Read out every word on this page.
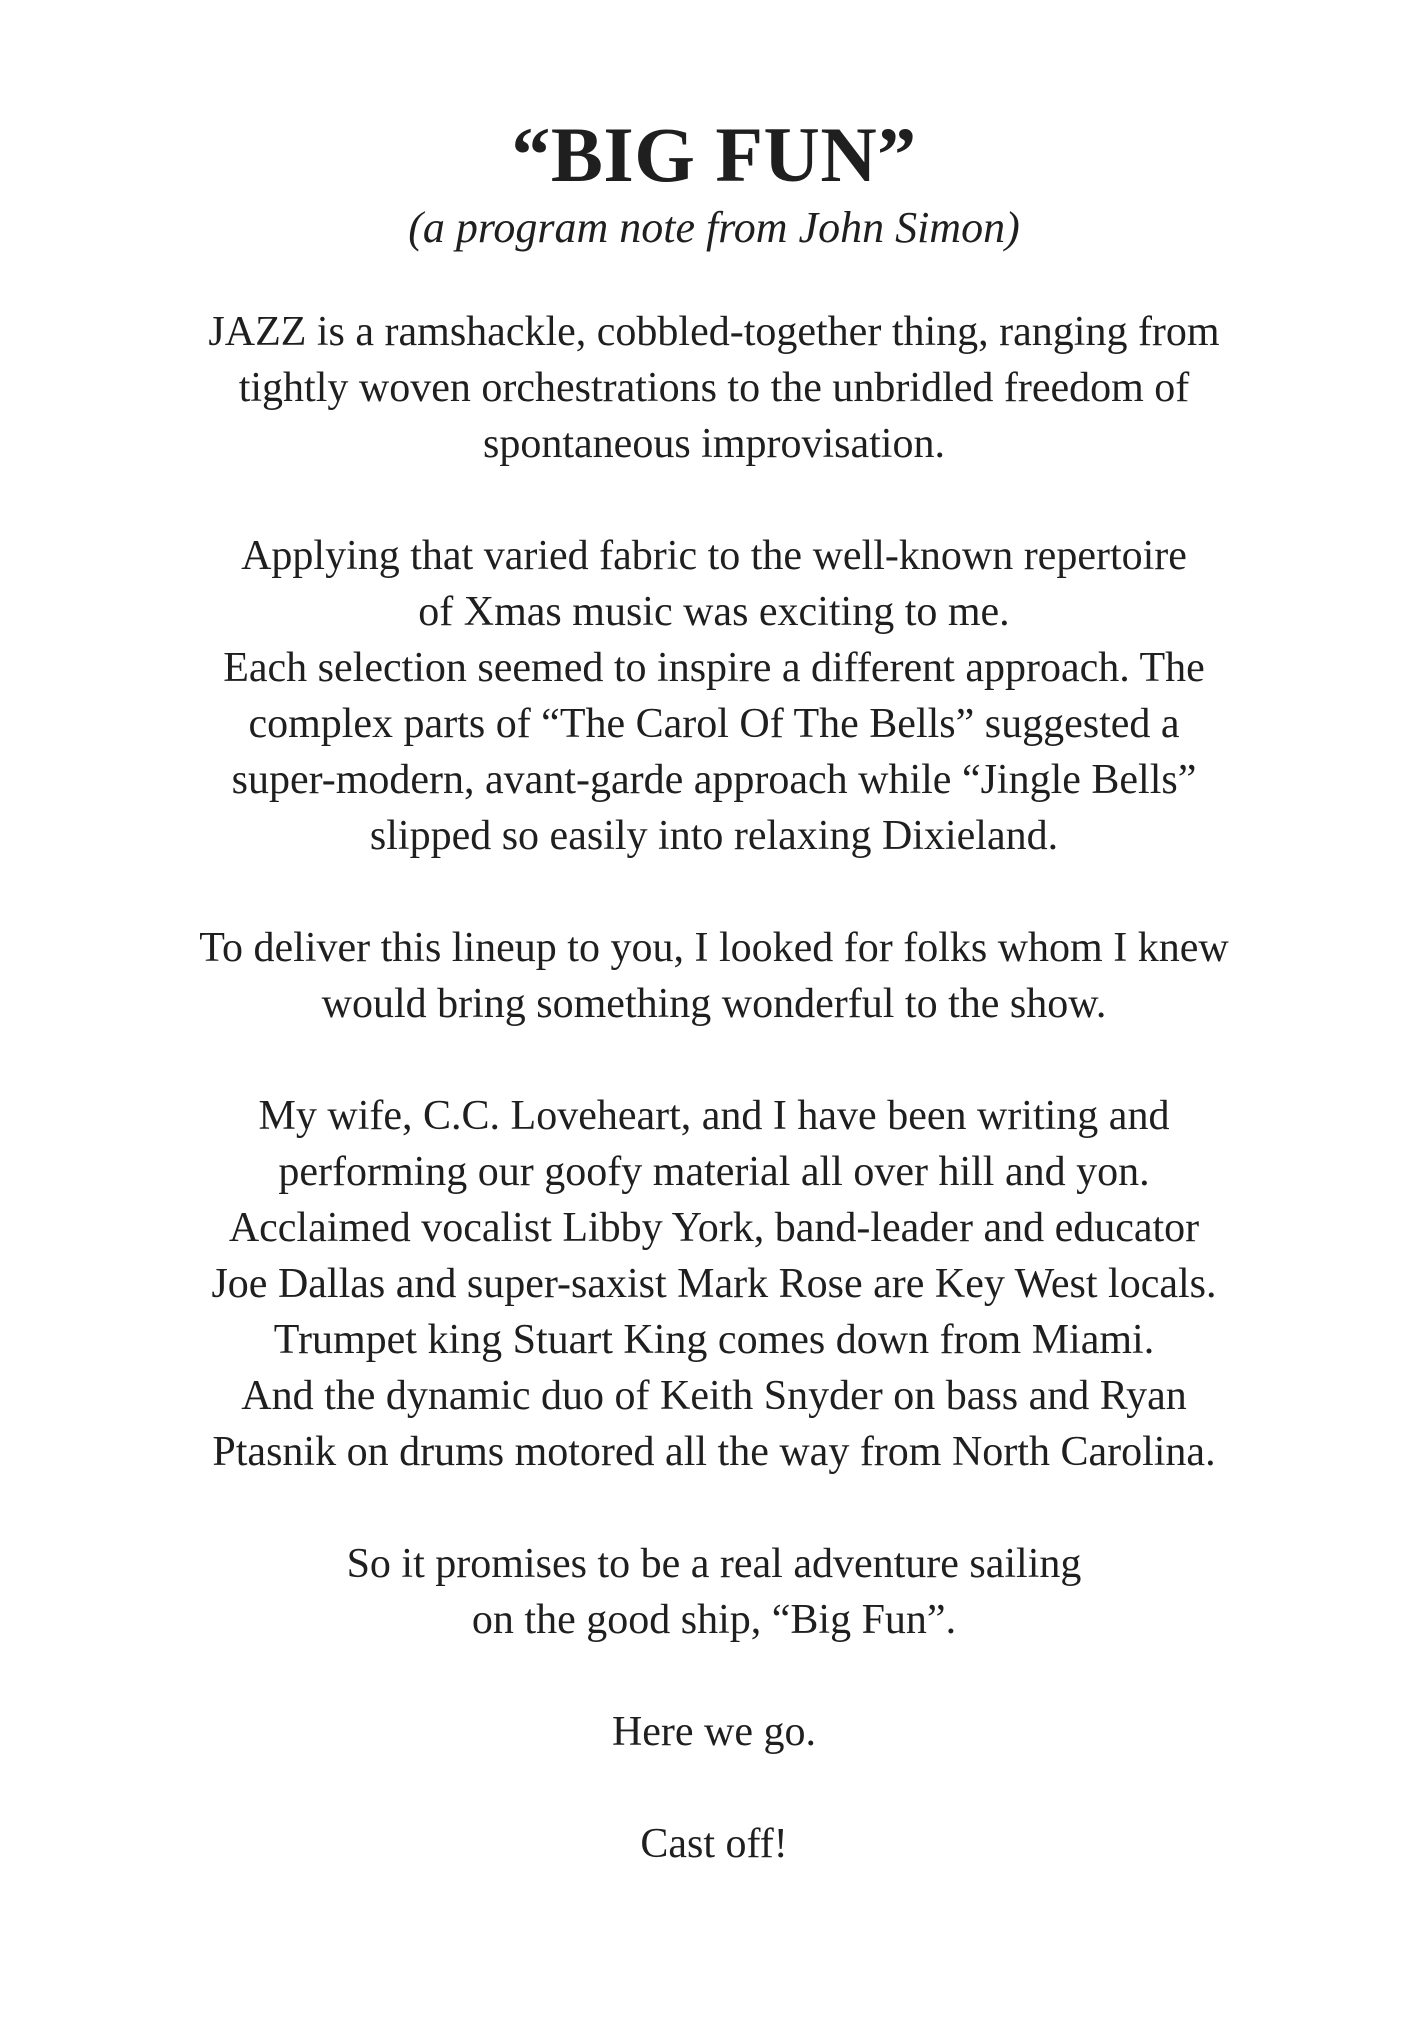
“BIG FUN”

(a program note from John Simon)

JAZZ is a ramshackle, cobbled-together thing, ranging from
tightly woven orchestrations to the unbridled freedom of
spontaneous improvisation.

Applying that varied fabric to the well-known repertoire
of Xmas music was exciting to me.
Each selection seemed to inspire a different approach. The
complex parts of “The Carol Of The Bells” suggested a
super-modern, avant-garde approach while “Jingle Bells”
slipped so easily into relaxing Dixieland.

To deliver this lineup to you, I looked for folks whom I knew
would bring something wonderful to the show.

My wife, C.C. Loveheart, and I have been writing and
performing our goofy material all over hill and yon.
Acclaimed vocalist Libby York, band-leader and educator
Joe Dallas and super-saxist Mark Rose are Key West locals.
Trumpet king Stuart King comes down from Miami.
And the dynamic duo of Keith Snyder on bass and Ryan
Ptasnik on drums motored all the way from North Carolina.

So it promises to be a real adventure sailing
on the good ship, “Big Fun”.

Here we go.

Cast off!
